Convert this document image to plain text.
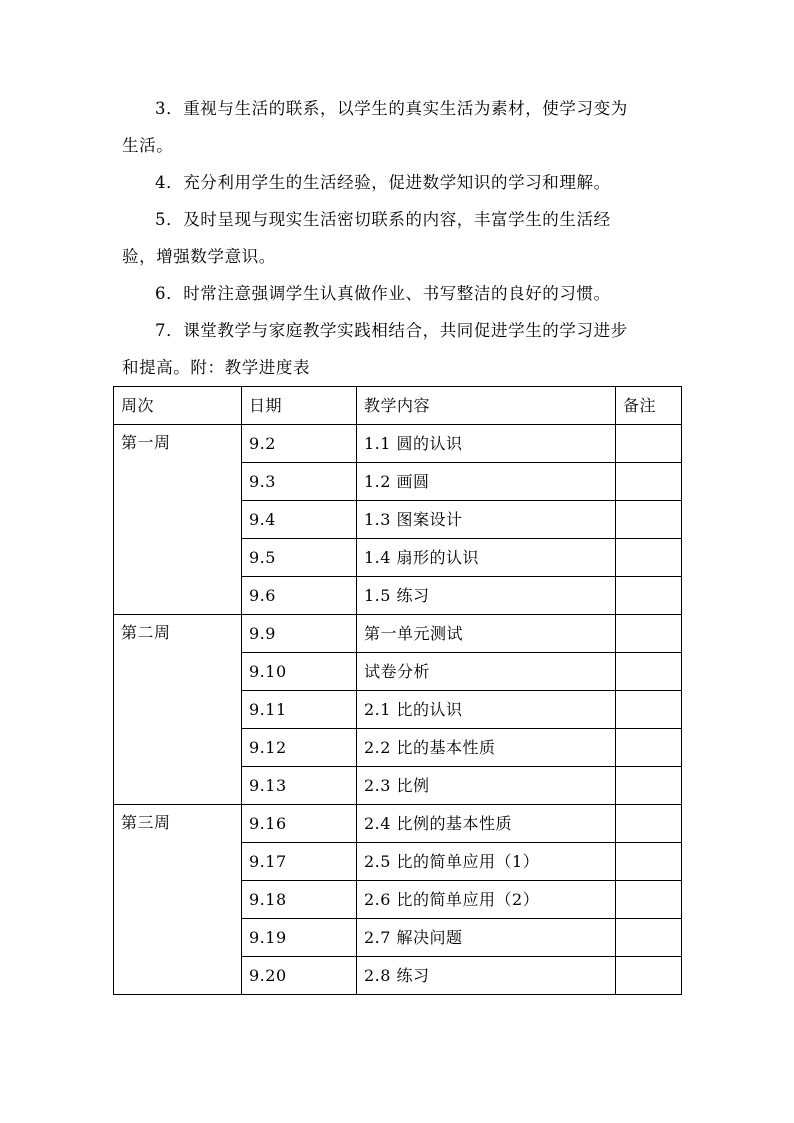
3．重视与生活的联系，以学生的真实生活为素材，使学习变为
生活。
4．充分利用学生的生活经验，促进数学知识的学习和理解。
5．及时呈现与现实生活密切联系的内容，丰富学生的生活经
验，增强数学意识。
6．时常注意强调学生认真做作业、书写整洁的良好的习惯。
7．课堂教学与家庭教学实践相结合，共同促进学生的学习进步
和提高。附：教学进度表
周次	日期	教学内容	备注
第一周	9.2	1.1 圆的认识	
	9.3	1.2 画圆	
	9.4	1.3 图案设计	
	9.5	1.4 扇形的认识	
	9.6	1.5 练习	
第二周	9.9	第一单元测试	
	9.10	试卷分析	
	9.11	2.1 比的认识	
	9.12	2.2 比的基本性质	
	9.13	2.3 比例	
第三周	9.16	2.4 比例的基本性质	
	9.17	2.5 比的简单应用（1）	
	9.18	2.6 比的简单应用（2）	
	9.19	2.7 解决问题	
	9.20	2.8 练习	
